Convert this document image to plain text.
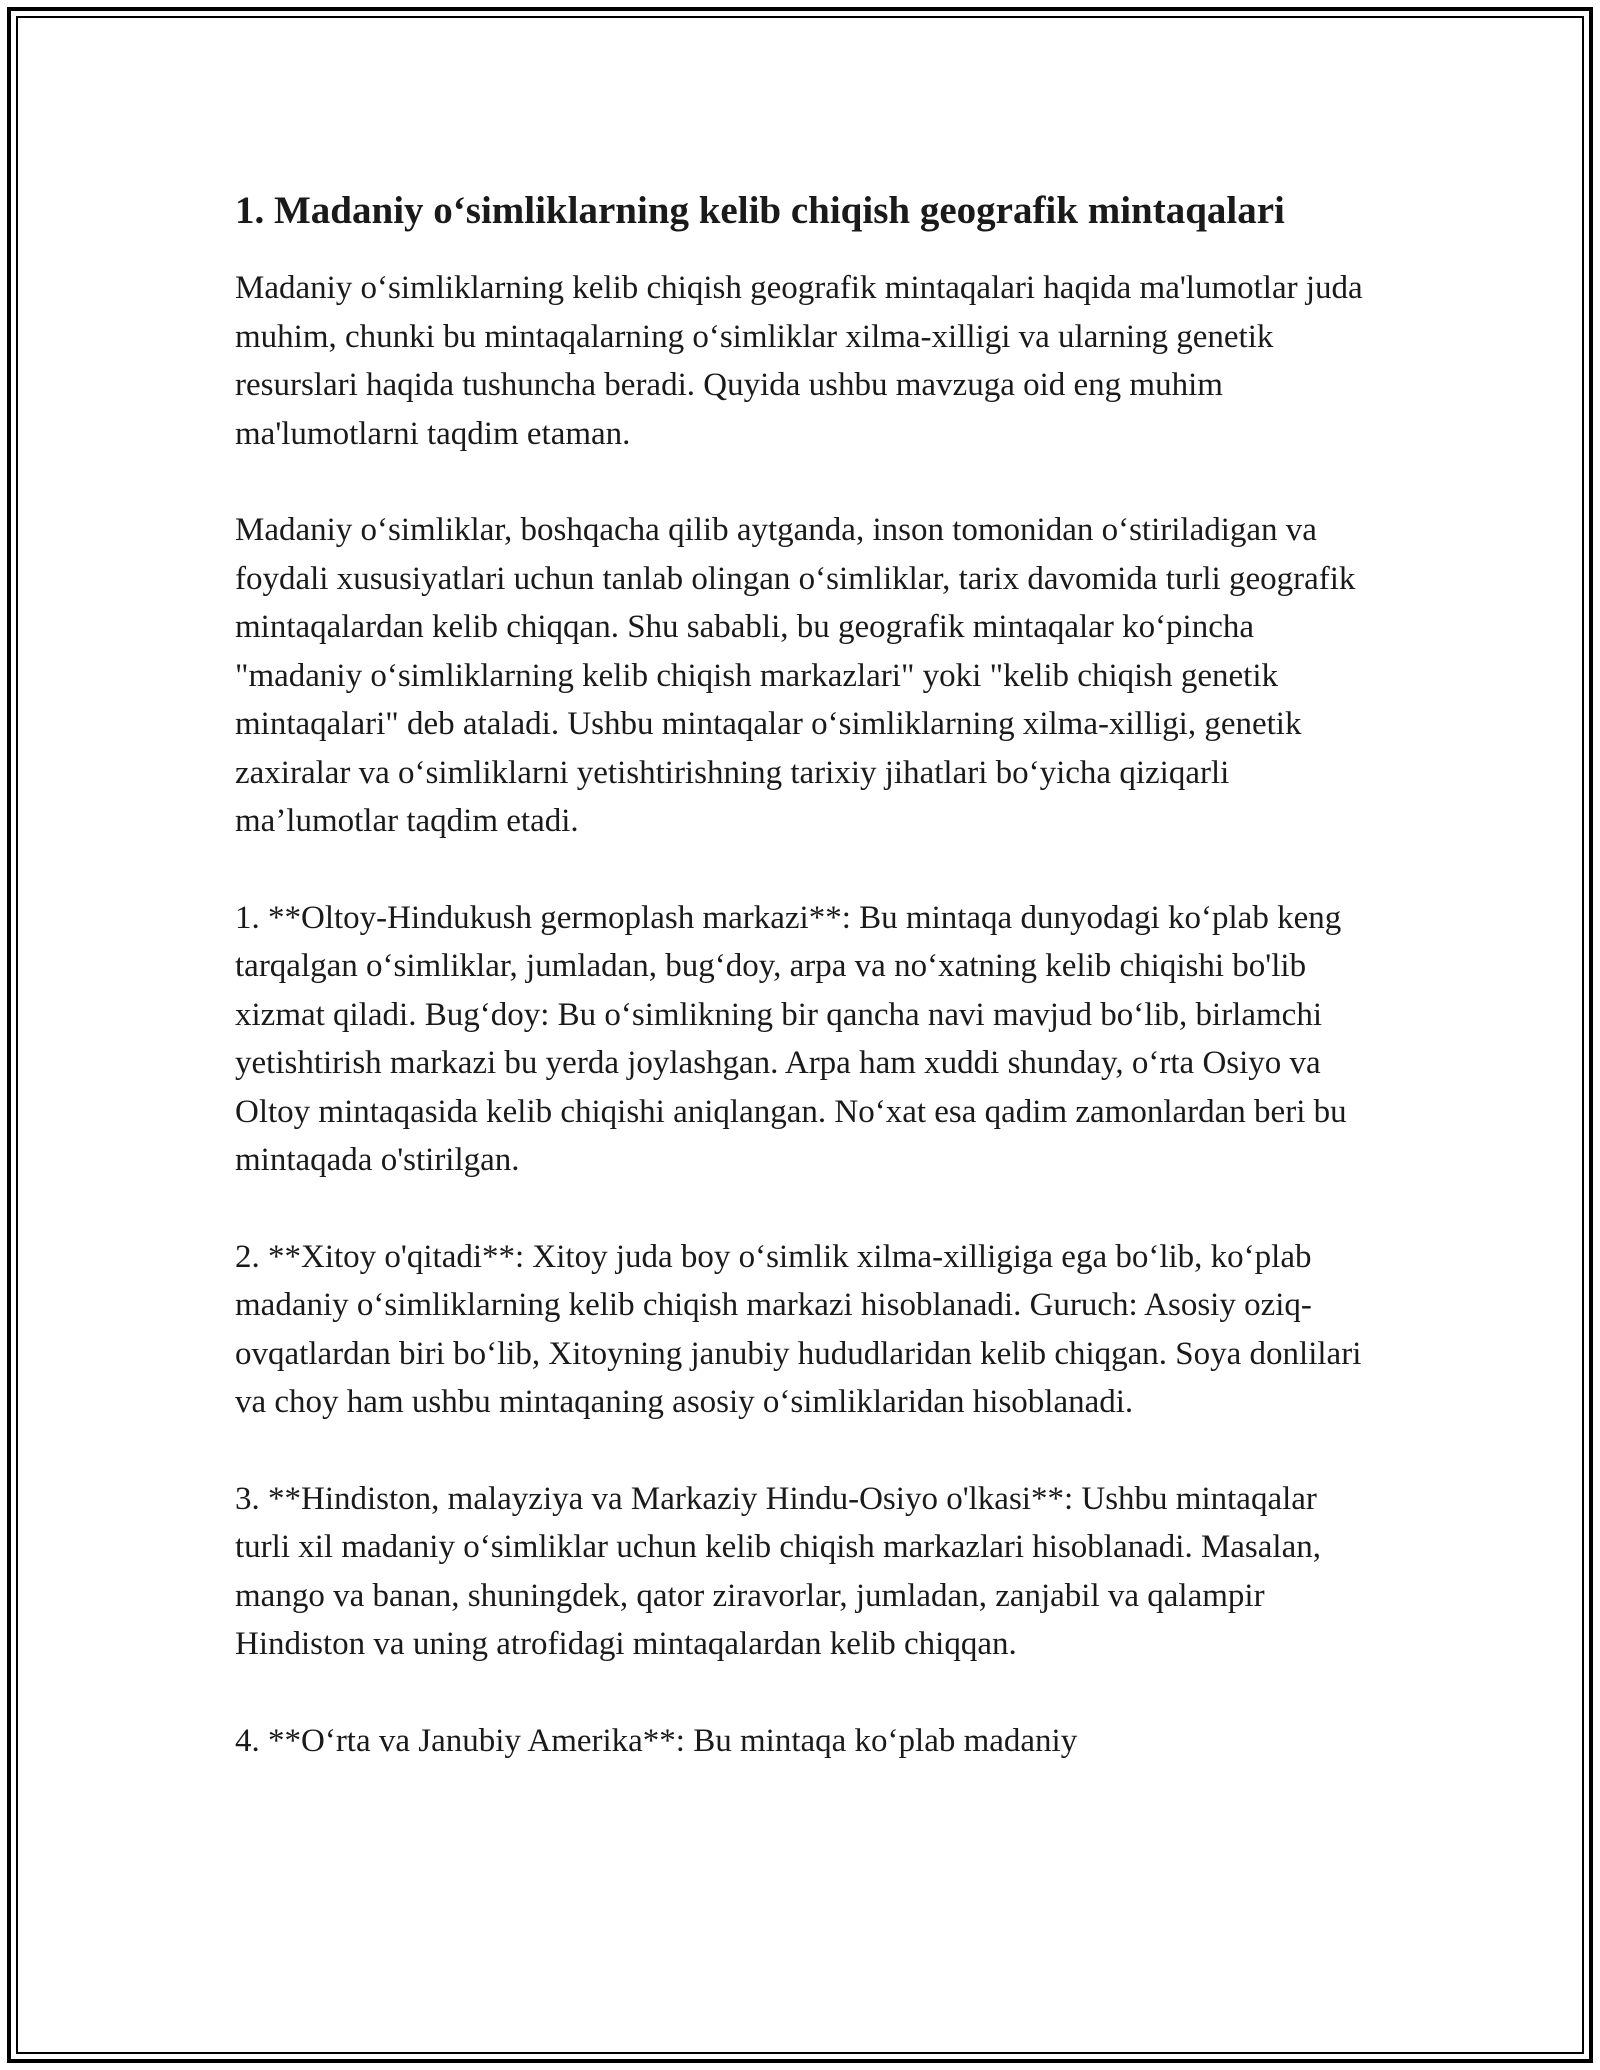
1. Madaniy o‘simliklarning kelib chiqish geografik mintaqalari

Madaniy o‘simliklarning kelib chiqish geografik mintaqalari haqida ma'lumotlar juda muhim, chunki bu mintaqalarning o‘simliklar xilma-xilligi va ularning genetik resurslari haqida tushuncha beradi. Quyida ushbu mavzuga oid eng muhim ma'lumotlarni taqdim etaman.

Madaniy o‘simliklar, boshqacha qilib aytganda, inson tomonidan o‘stiriladigan va foydali xususiyatlari uchun tanlab olingan o‘simliklar, tarix davomida turli geografik mintaqalardan kelib chiqqan. Shu sababli, bu geografik mintaqalar ko‘pincha "madaniy o‘simliklarning kelib chiqish markazlari" yoki "kelib chiqish genetik mintaqalari" deb ataladi. Ushbu mintaqalar o‘simliklarning xilma-xilligi, genetik zaxiralar va o‘simliklarni yetishtirishning tarixiy jihatlari bo‘yicha qiziqarli ma’lumotlar taqdim etadi.

1. **Oltoy-Hindukush germoplash markazi**: Bu mintaqa dunyodagi ko‘plab keng tarqalgan o‘simliklar, jumladan, bug‘doy, arpa va no‘xatning kelib chiqishi bo'lib xizmat qiladi. Bug‘doy: Bu o‘simlikning bir qancha navi mavjud bo‘lib, birlamchi yetishtirish markazi bu yerda joylashgan. Arpa ham xuddi shunday, o‘rta Osiyo va Oltoy mintaqasida kelib chiqishi aniqlangan. No‘xat esa qadim zamonlardan beri bu mintaqada o'stirilgan.

2. **Xitoy o'qitadi**: Xitoy juda boy o‘simlik xilma-xilligiga ega bo‘lib, ko‘plab madaniy o‘simliklarning kelib chiqish markazi hisoblanadi. Guruch: Asosiy oziq-ovqatlardan biri bo‘lib, Xitoyning janubiy hududlaridan kelib chiqgan. Soya donlilari va choy ham ushbu mintaqaning asosiy o‘simliklaridan hisoblanadi.

3. **Hindiston, malayziya va Markaziy Hindu-Osiyo o'lkasi**: Ushbu mintaqalar turli xil madaniy o‘simliklar uchun kelib chiqish markazlari hisoblanadi. Masalan, mango va banan, shuningdek, qator ziravorlar, jumladan, zanjabil va qalampir Hindiston va uning atrofidagi mintaqalardan kelib chiqqan.

4. **O‘rta va Janubiy Amerika**: Bu mintaqa ko‘plab madaniy
